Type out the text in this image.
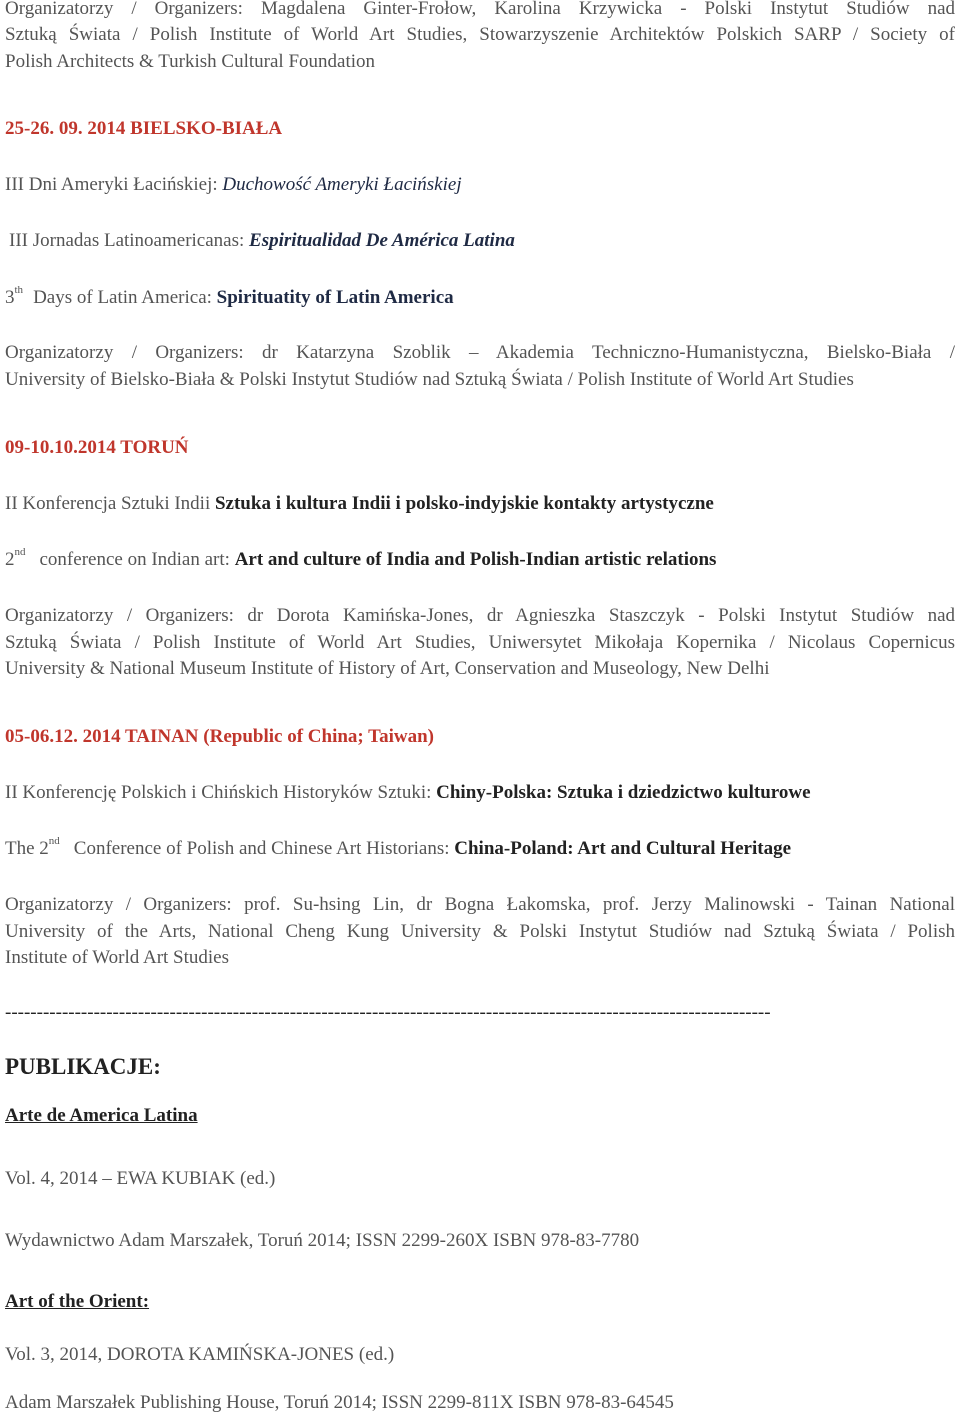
Organizatorzy / Organizers: Magdalena Ginter-Frołow, Karolina Krzywicka - Polski Instytut Studiów nad
Sztuką Świata / Polish Institute of World Art Studies, Stowarzyszenie Architektów Polskich SARP / Society of
Polish Architects & Turkish Cultural Foundation
25-26. 09. 2014 BIELSKO-BIAŁA
III Dni Ameryki Łacińskiej: Duchowość Ameryki Łacińskiej
III Jornadas Latinoamericanas: Espiritualidad De América Latina
3th Days of Latin America: Spirituatity of Latin America
Organizatorzy / Organizers: dr Katarzyna Szoblik – Akademia Techniczno-Humanistyczna, Bielsko-Biała /
University of Bielsko-Biała & Polski Instytut Studiów nad Sztuką Świata / Polish Institute of World Art Studies
09-10.10.2014 TORUŃ
II Konferencja Sztuki Indii Sztuka i kultura Indii i polsko-indyjskie kontakty artystyczne
2nd conference on Indian art: Art and culture of India and Polish-Indian artistic relations
Organizatorzy / Organizers: dr Dorota Kamińska-Jones, dr Agnieszka Staszczyk - Polski Instytut Studiów nad
Sztuką Świata / Polish Institute of World Art Studies, Uniwersytet Mikołaja Kopernika / Nicolaus Copernicus
University & National Museum Institute of History of Art, Conservation and Museology, New Delhi
05-06.12. 2014 TAINAN (Republic of China; Taiwan)
II Konferencję Polskich i Chińskich Historyków Sztuki: Chiny-Polska: Sztuka i dziedzictwo kulturowe
The 2nd Conference of Polish and Chinese Art Historians: China-Poland: Art and Cultural Heritage
Organizatorzy / Organizers: prof. Su-hsing Lin, dr Bogna Łakomska, prof. Jerzy Malinowski - Tainan National
University of the Arts, National Cheng Kung University & Polski Instytut Studiów nad Sztuką Świata / Polish
Institute of World Art Studies
-------------------------------------------------------------------------------------------------------------------------
PUBLIKACJE:
Arte de America Latina
Vol. 4, 2014 – EWA KUBIAK (ed.)
Wydawnictwo Adam Marszałek, Toruń 2014; ISSN 2299-260X ISBN 978-83-7780
Art of the Orient:
Vol. 3, 2014, DOROTA KAMIŃSKA-JONES (ed.)
Adam Marszałek Publishing House, Toruń 2014; ISSN 2299-811X ISBN 978-83-64545
